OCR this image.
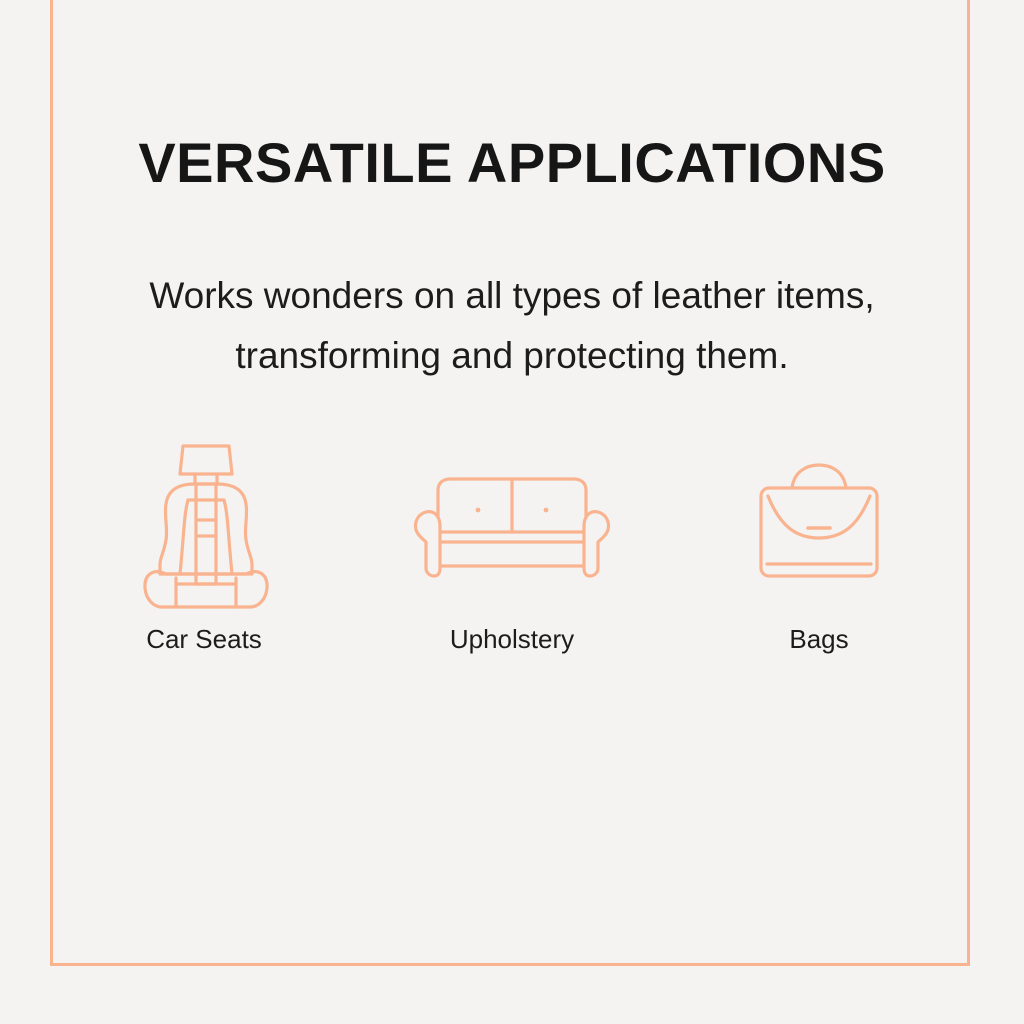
VERSATILE APPLICATIONS

Works wonders on all types of leather items,
transforming and protecting them.

Car Seats	Upholstery	Bags
